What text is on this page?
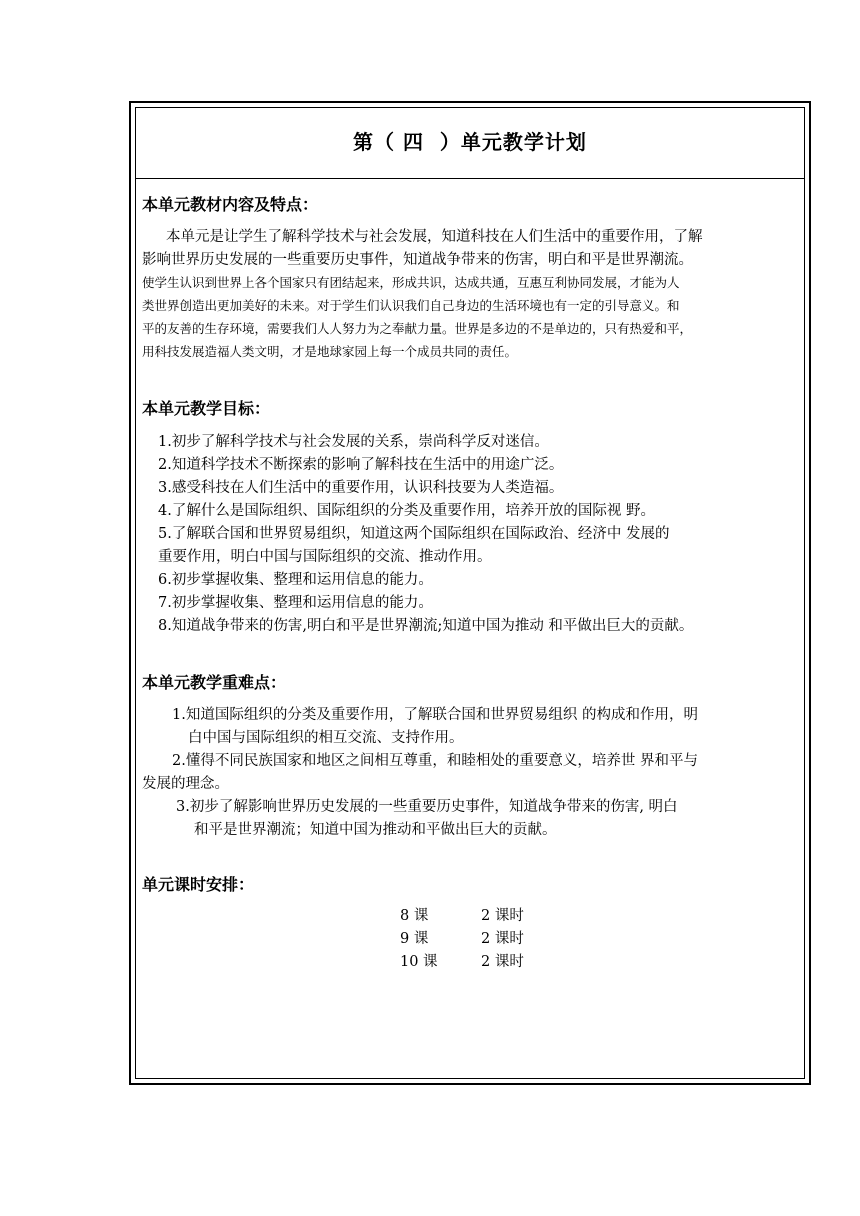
第（ 四  ）单元教学计划
本单元教材内容及特点：
本单元是让学生了解科学技术与社会发展，知道科技在人们生活中的重要作用，了解
影响世界历史发展的一些重要历史事件，知道战争带来的伤害，明白和平是世界潮流。
使学生认识到世界上各个国家只有团结起来，形成共识，达成共通，互惠互利协同发展，才能为人
类世界创造出更加美好的未来。对于学生们认识我们自己身边的生活环境也有一定的引导意义。和
平的友善的生存环境，需要我们人人努力为之奉献力量。世界是多边的不是单边的，只有热爱和平，
用科技发展造福人类文明，才是地球家园上每一个成员共同的责任。
本单元教学目标：
1.初步了解科学技术与社会发展的关系，崇尚科学反对迷信。
2.知道科学技术不断探索的影响了解科技在生活中的用途广泛。
3.感受科技在人们生活中的重要作用，认识科技要为人类造福。
4.了解什么是国际组织、国际组织的分类及重要作用，培养开放的国际视 野。
5.了解联合国和世界贸易组织，知道这两个国际组织在国际政治、经济中 发展的
重要作用，明白中国与国际组织的交流、推动作用。
6.初步掌握收集、整理和运用信息的能力。
7.初步掌握收集、整理和运用信息的能力。
8.知道战争带来的伤害,明白和平是世界潮流;知道中国为推动 和平做出巨大的贡献。
本单元教学重难点：
1.知道国际组织的分类及重要作用，了解联合国和世界贸易组织 的构成和作用，明
白中国与国际组织的相互交流、支持作用。
2.懂得不同民族国家和地区之间相互尊重，和睦相处的重要意义，培养世 界和平与
发展的理念。
3.初步了解影响世界历史发展的一些重要历史事件，知道战争带来的伤害, 明白
和平是世界潮流；知道中国为推动和平做出巨大的贡献。
单元课时安排：
8 课	2 课时
9 课	2 课时
10 课	2 课时
